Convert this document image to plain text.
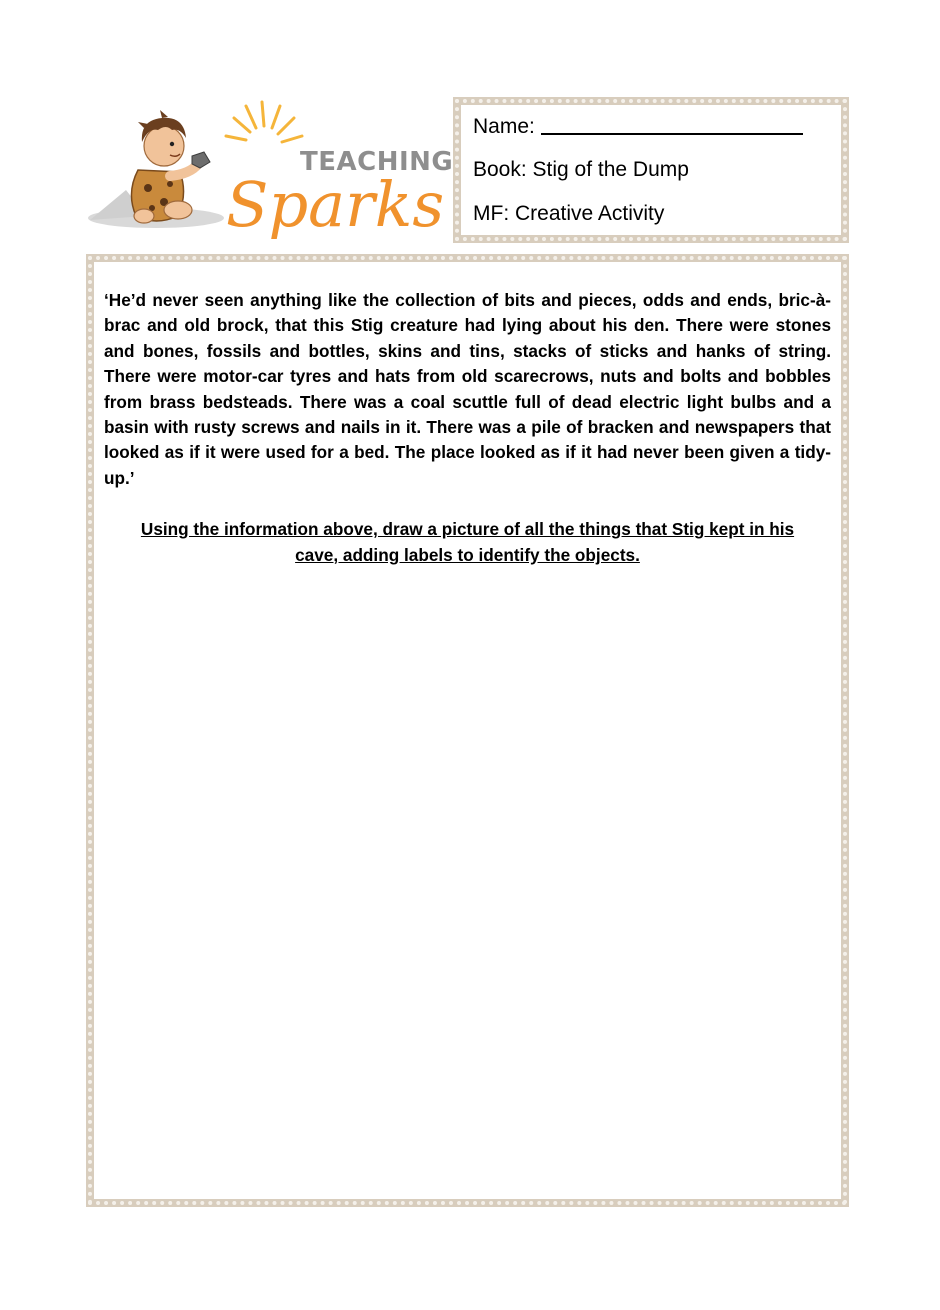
TEACHING
Sparks
Name:
Book: Stig of the Dump
MF: Creative Activity

‘He’d never seen anything like the collection of bits and pieces, odds and ends, bric-à-brac and old brock, that this Stig creature had lying about his den. There were stones and bones, fossils and bottles, skins and tins, stacks of sticks and hanks of string. There were motor-car tyres and hats from old scarecrows, nuts and bolts and bobbles from brass bedsteads. There was a coal scuttle full of dead electric light bulbs and a basin with rusty screws and nails in it. There was a pile of bracken and newspapers that looked as if it were used for a bed. The place looked as if it had never been given a tidy-up.’

Using the information above, draw a picture of all the things that Stig kept in his cave, adding labels to identify the objects.
